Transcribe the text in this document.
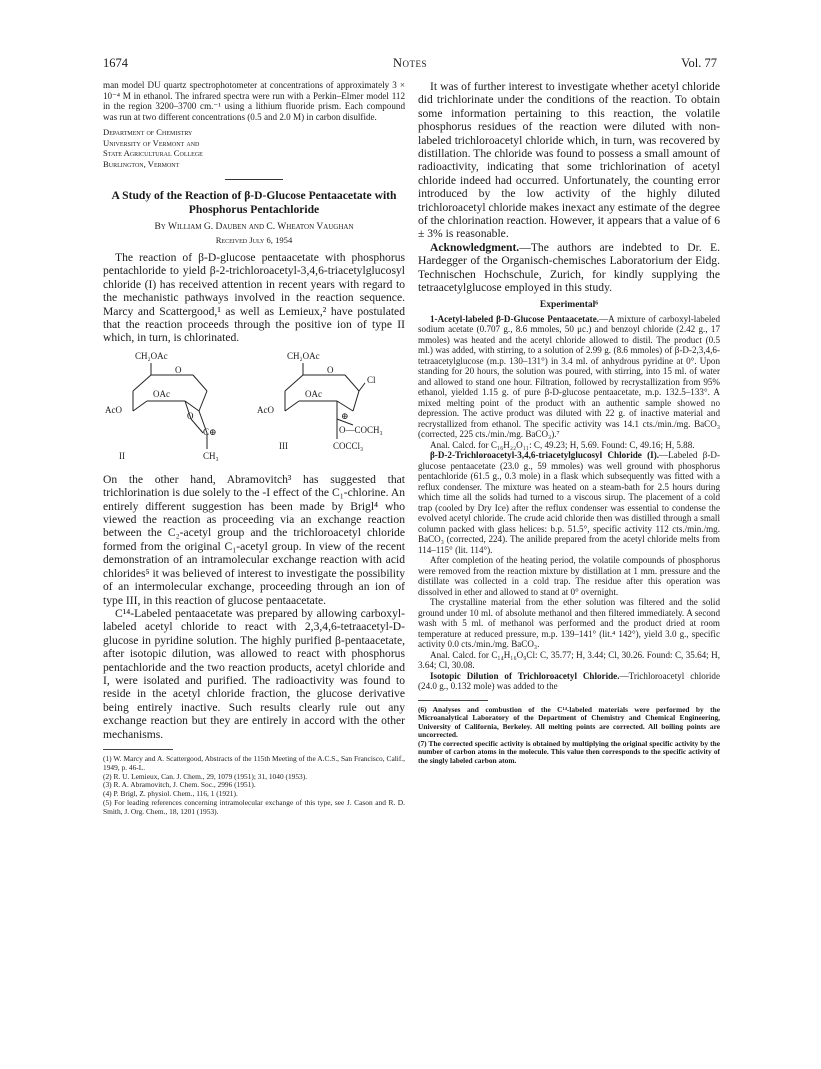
1674	Notes	Vol. 77

man model DU quartz spectrophotometer at concentrations of approximately 3 × 10⁻⁴ M in ethanol. The infrared spectra were run with a Perkin–Elmer model 112 in the region 3200–3700 cm.⁻¹ using a lithium fluoride prism. Each compound was run at two different concentrations (0.5 and 2.0 M) in carbon disulfide.

Department of Chemistry
University of Vermont and
State Agricultural College
Burlington, Vermont
A Study of the Reaction of β-D-Glucose Pentaacetate with Phosphorus Pentachloride
By William G. Dauben and C. Wheaton Vaughan
Received July 6, 1954

The reaction of β-D-glucose pentaacetate with phosphorus pentachloride to yield β-2-trichloroacetyl-3,4,6-triacetylglucosyl chloride (I) has received attention in recent years with regard to the mechanistic pathways involved in the reaction sequence. Marcy and Scattergood,¹ as well as Lemieux,² have postulated that the reaction proceeds through the positive ion of type II which, in turn, is chlorinated.

CH₂OAc
O
OAc
AcO
O
C⊕
CH₃
II
CH₂OAc
O
Cl
OAc
AcO
⊕
O—COCH₃
COCCl₃
III

On the other hand, Abramovitch³ has suggested that trichlorination is due solely to the -I effect of the C₁-chlorine. An entirely different suggestion has been made by Brigl⁴ who viewed the reaction as proceeding via an exchange reaction between the C₂-acetyl group and the trichloroacetyl chloride formed from the original C₁-acetyl group. In view of the recent demonstration of an intramolecular exchange reaction with acid chlorides⁵ it was believed of interest to investigate the possibility of an intermolecular exchange, proceeding through an ion of type III, in this reaction of glucose pentaacetate.

C¹⁴-Labeled pentaacetate was prepared by allowing carboxyl-labeled acetyl chloride to react with 2,3,4,6-tetraacetyl-D-glucose in pyridine solution. The highly purified β-pentaacetate, after isotopic dilution, was allowed to react with phosphorus pentachloride and the two reaction products, acetyl chloride and I, were isolated and purified. The radioactivity was found to reside in the acetyl chloride fraction, the glucose derivative being entirely inactive. Such results clearly rule out any exchange reaction but they are entirely in accord with the other mechanisms.

(1) W. Marcy and A. Scattergood, Abstracts of the 115th Meeting of the A.C.S., San Francisco, Calif., 1949, p. 46-L.

(2) R. U. Lemieux, Can. J. Chem., 29, 1079 (1951); 31, 1040 (1953).

(3) R. A. Abramovitch, J. Chem. Soc., 2996 (1951).

(4) P. Brigl, Z. physiol. Chem., 116, 1 (1921).

(5) For leading references concerning intramolecular exchange of this type, see J. Cason and R. D. Smith, J. Org. Chem., 18, 1201 (1953).

It was of further interest to investigate whether acetyl chloride did trichlorinate under the conditions of the reaction. To obtain some information pertaining to this reaction, the volatile phosphorus residues of the reaction were diluted with non-labeled trichloroacetyl chloride which, in turn, was recovered by distillation. The chloride was found to possess a small amount of radioactivity, indicating that some trichlorination of acetyl chloride indeed had occurred. Unfortunately, the counting error introduced by the low activity of the highly diluted trichloroacetyl chloride makes inexact any estimate of the degree of the chlorination reaction. However, it appears that a value of 6 ± 3% is reasonable.

Acknowledgment.—The authors are indebted to Dr. E. Hardegger of the Organisch-chemisches Laboratorium der Eidg. Technischen Hochschule, Zurich, for kindly supplying the tetraacetylglucose employed in this study.

Experimental⁶

1-Acetyl-labeled β-D-Glucose Pentaacetate.—A mixture of carboxyl-labeled sodium acetate (0.707 g., 8.6 mmoles, 50 μc.) and benzoyl chloride (2.42 g., 17 mmoles) was heated and the acetyl chloride allowed to distil. The product (0.5 ml.) was added, with stirring, to a solution of 2.99 g. (8.6 mmoles) of β-D-2,3,4,6-tetraacetylglucose (m.p. 130–131°) in 3.4 ml. of anhydrous pyridine at 0°. Upon standing for 20 hours, the solution was poured, with stirring, into 15 ml. of water and allowed to stand one hour. Filtration, followed by recrystallization from 95% ethanol, yielded 1.15 g. of pure β-D-glucose pentaacetate, m.p. 132.5–133°. A mixed melting point of the product with an authentic sample showed no depression. The active product was diluted with 22 g. of inactive material and recrystallized from ethanol. The specific activity was 14.1 cts./min./mg. BaCO₃ (corrected, 225 cts./min./mg. BaCO₃).⁷

Anal. Calcd. for C₁₆H₂₂O₁₁: C, 49.23; H, 5.69. Found: C, 49.16; H, 5.88.

β-D-2-Trichloroacetyl-3,4,6-triacetylglucosyl Chloride (I).—Labeled β-D-glucose pentaacetate (23.0 g., 59 mmoles) was well ground with phosphorus pentachloride (61.5 g., 0.3 mole) in a flask which subsequently was fitted with a reflux condenser. The mixture was heated on a steam-bath for 2.5 hours during which time all the solids had turned to a viscous sirup. The placement of a cold trap (cooled by Dry Ice) after the reflux condenser was essential to condense the evolved acetyl chloride. The crude acid chloride then was distilled through a small column packed with glass helices: b.p. 51.5°, specific activity 112 cts./min./mg. BaCO₃ (corrected, 224). The anilide prepared from the acetyl chloride melts from 114–115° (lit. 114°).

After completion of the heating period, the volatile compounds of phosphorus were removed from the reaction mixture by distillation at 1 mm. pressure and the distillate was collected in a cold trap. The residue after this operation was dissolved in ether and allowed to stand at 0° overnight.

The crystalline material from the ether solution was filtered and the solid ground under 10 ml. of absolute methanol and then filtered immediately. A second wash with 5 ml. of methanol was performed and the product dried at room temperature at reduced pressure, m.p. 139–141° (lit.⁴ 142°), yield 3.0 g., specific activity 0.0 cts./min./mg. BaCO₃.

Anal. Calcd. for C₁₄H₁₆O₉Cl: C, 35.77; H, 3.44; Cl, 30.26. Found: C, 35.64; H, 3.64; Cl, 30.08.

Isotopic Dilution of Trichloroacetyl Chloride.—Trichloroacetyl chloride (24.0 g., 0.132 mole) was added to the

(6) Analyses and combustion of the C¹⁴-labeled materials were performed by the Microanalytical Laboratory of the Department of Chemistry and Chemical Engineering, University of California, Berkeley. All melting points are corrected. All boiling points are uncorrected.

(7) The corrected specific activity is obtained by multiplying the original specific activity by the number of carbon atoms in the molecule. This value then corresponds to the specific activity of the singly labeled carbon atom.
